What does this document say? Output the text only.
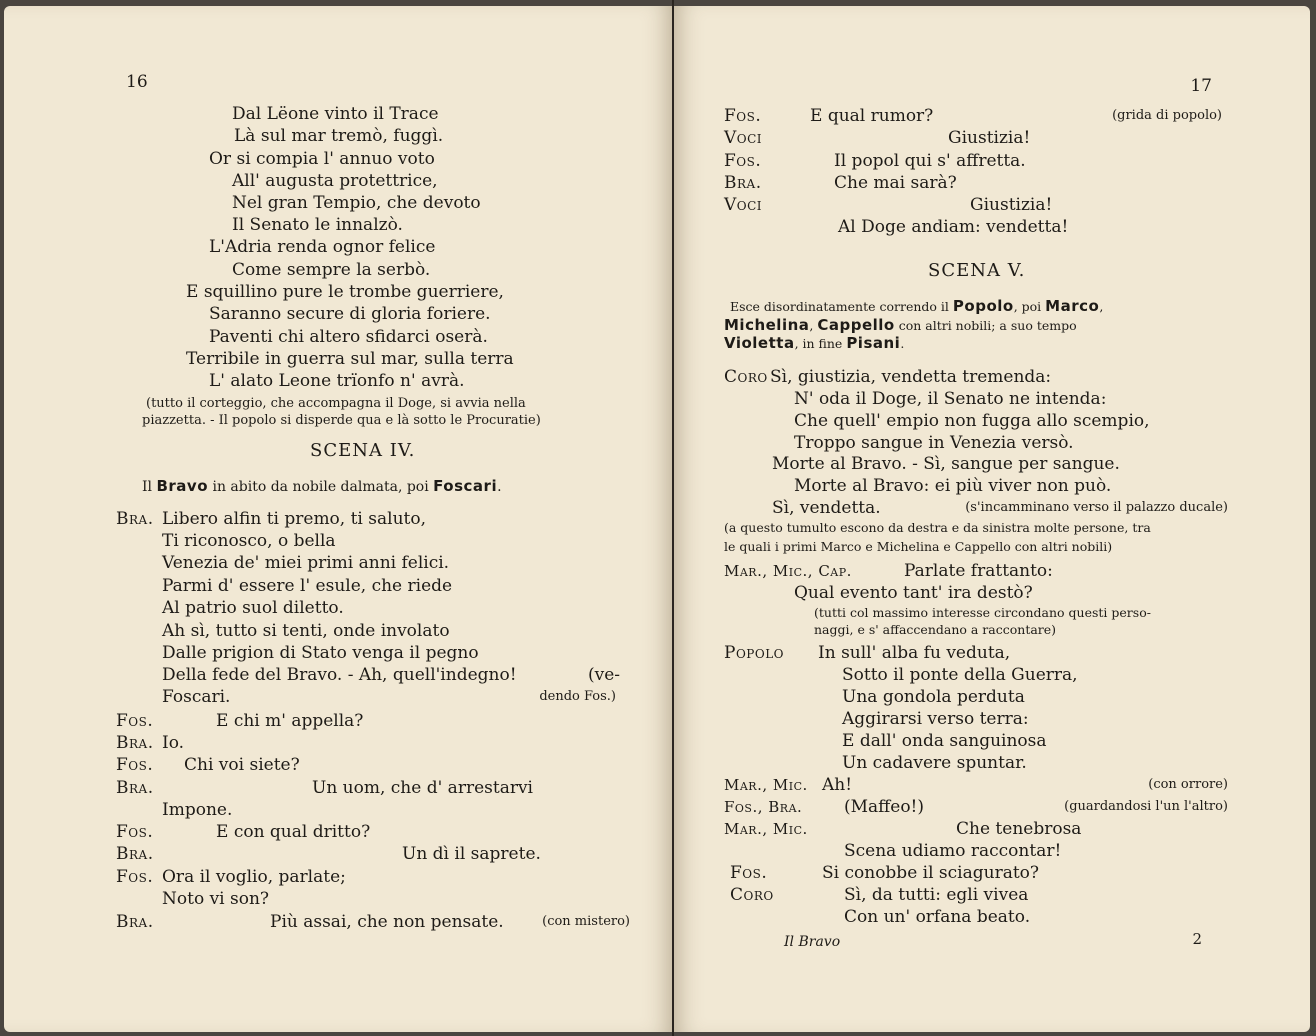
16
Dal Lëone vinto il Trace
Là sul mar tremò, fuggì.
Or si compia l' annuo voto
All' augusta protettrice,
Nel gran Tempio, che devoto
Il Senato le innalzò.
L'Adria renda ognor felice
Come sempre la serbò.
E squillino pure le trombe guerriere,
Saranno secure di gloria foriere.
Paventi chi altero sfidarci oserà.
Terribile in guerra sul mar, sulla terra
L' alato Leone trïonfo n' avrà.
(tutto il corteggio, che accompagna il Doge, si avvia nella
piazzetta. - Il popolo si disperde qua e là sotto le Procuratie)
SCENA IV.
Il Bravo in abito da nobile dalmata, poi Foscari.
Bra. Libero alfin ti premo, ti saluto,
Ti riconosco, o bella
Venezia de' miei primi anni felici.
Parmi d' essere l' esule, che riede
Al patrio suol diletto.
Ah sì, tutto si tenti, onde involato
Dalle prigion di Stato venga il pegno
Della fede del Bravo. - Ah, quell'indegno!	(ve-
Foscari.	dendo Fos.)
Fos.	E chi m' appella?
Bra. Io.
Fos. Chi voi siete?
Bra.	Un uom, che d' arrestarvi
Impone.
Fos.	E con qual dritto?
Bra.	Un dì il saprete.
Fos. Ora il voglio, parlate;
Noto vi son?
Bra.	Più assai, che non pensate.	(con mistero)
17
Fos.	E qual rumor?	(grida di popolo)
Voci	Giustizia!
Fos.	Il popol qui s' affretta.
Bra.	Che mai sarà?
Voci	Giustizia!
Al Doge andiam: vendetta!
SCENA V.
Esce disordinatamente correndo il Popolo, poi Marco,
Michelina, Cappello con altri nobili; a suo tempo
Violetta, in fine Pisani.
Coro Sì, giustizia, vendetta tremenda:
N' oda il Doge, il Senato ne intenda:
Che quell' empio non fugga allo scempio,
Troppo sangue in Venezia versò.
Morte al Bravo. - Sì, sangue per sangue.
Morte al Bravo: ei più viver non può.
Sì, vendetta.	(s'incamminano verso il palazzo ducale)
(a questo tumulto escono da destra e da sinistra molte persone, tra
le quali i primi Marco e Michelina e Cappello con altri nobili)
Mar., Mic., Cap.	Parlate frattanto:
Qual evento tant' ira destò?
(tutti col massimo interesse circondano questi perso-
naggi, e s' affaccendano a raccontare)
Popolo In sull' alba fu veduta,
Sotto il ponte della Guerra,
Una gondola perduta
Aggirarsi verso terra:
E dall' onda sanguinosa
Un cadavere spuntar.
Mar., Mic. Ah!	(con orrore)
Fos., Bra. (Maffeo!)	(guardandosi l'un l'altro)
Mar., Mic.	Che tenebrosa
Scena udiamo raccontar!
Fos.	Si conobbe il sciagurato?
Coro	Sì, da tutti: egli vivea
Con un' orfana beato.
Il Bravo	2
